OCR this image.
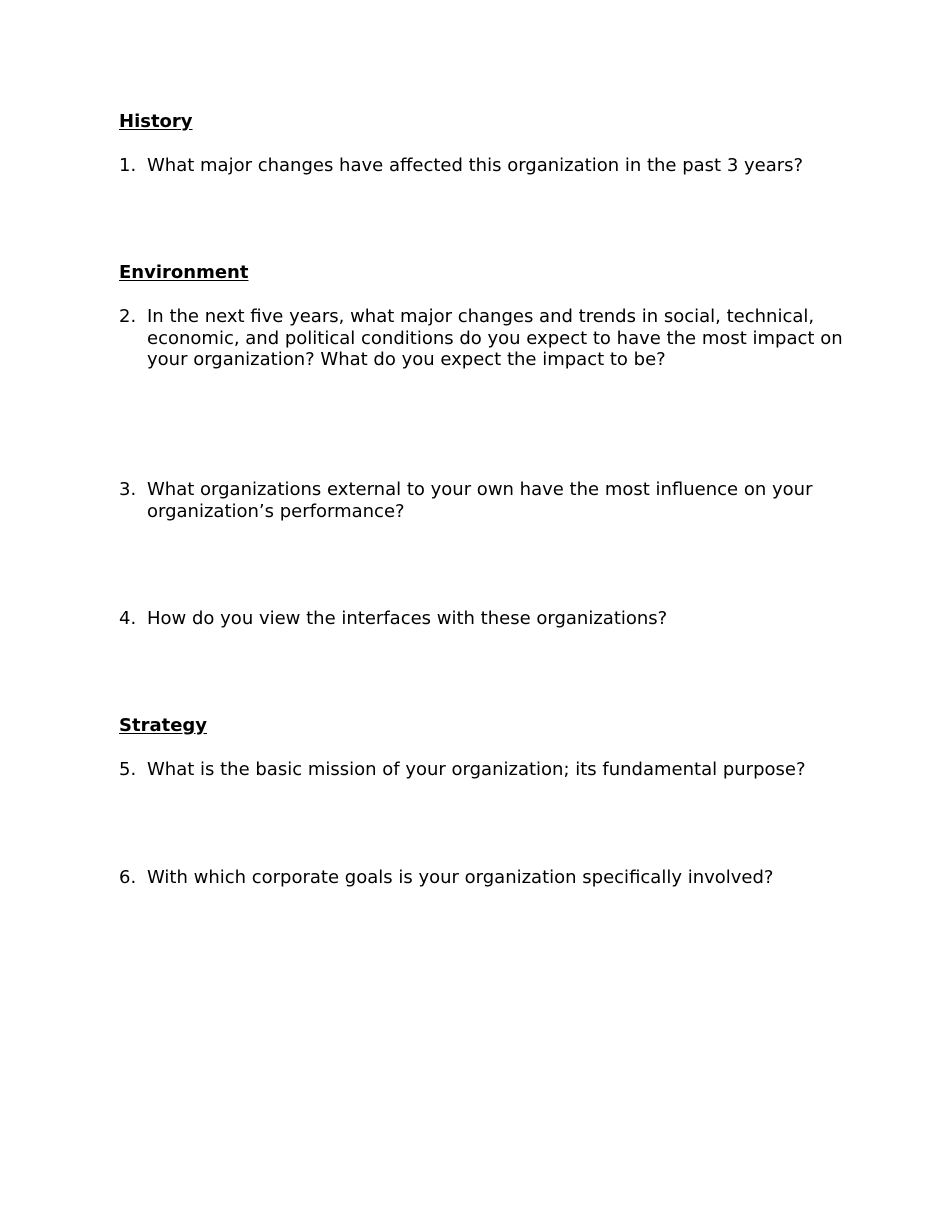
History
1. What major changes have affected this organization in the past 3 years?
Environment
2. In the next five years, what major changes and trends in social, technical, economic, and political conditions do you expect to have the most impact on your organization? What do you expect the impact to be?
3. What organizations external to your own have the most influence on your organization’s performance?
4. How do you view the interfaces with these organizations?
Strategy
5. What is the basic mission of your organization; its fundamental purpose?
6. With which corporate goals is your organization specifically involved?
